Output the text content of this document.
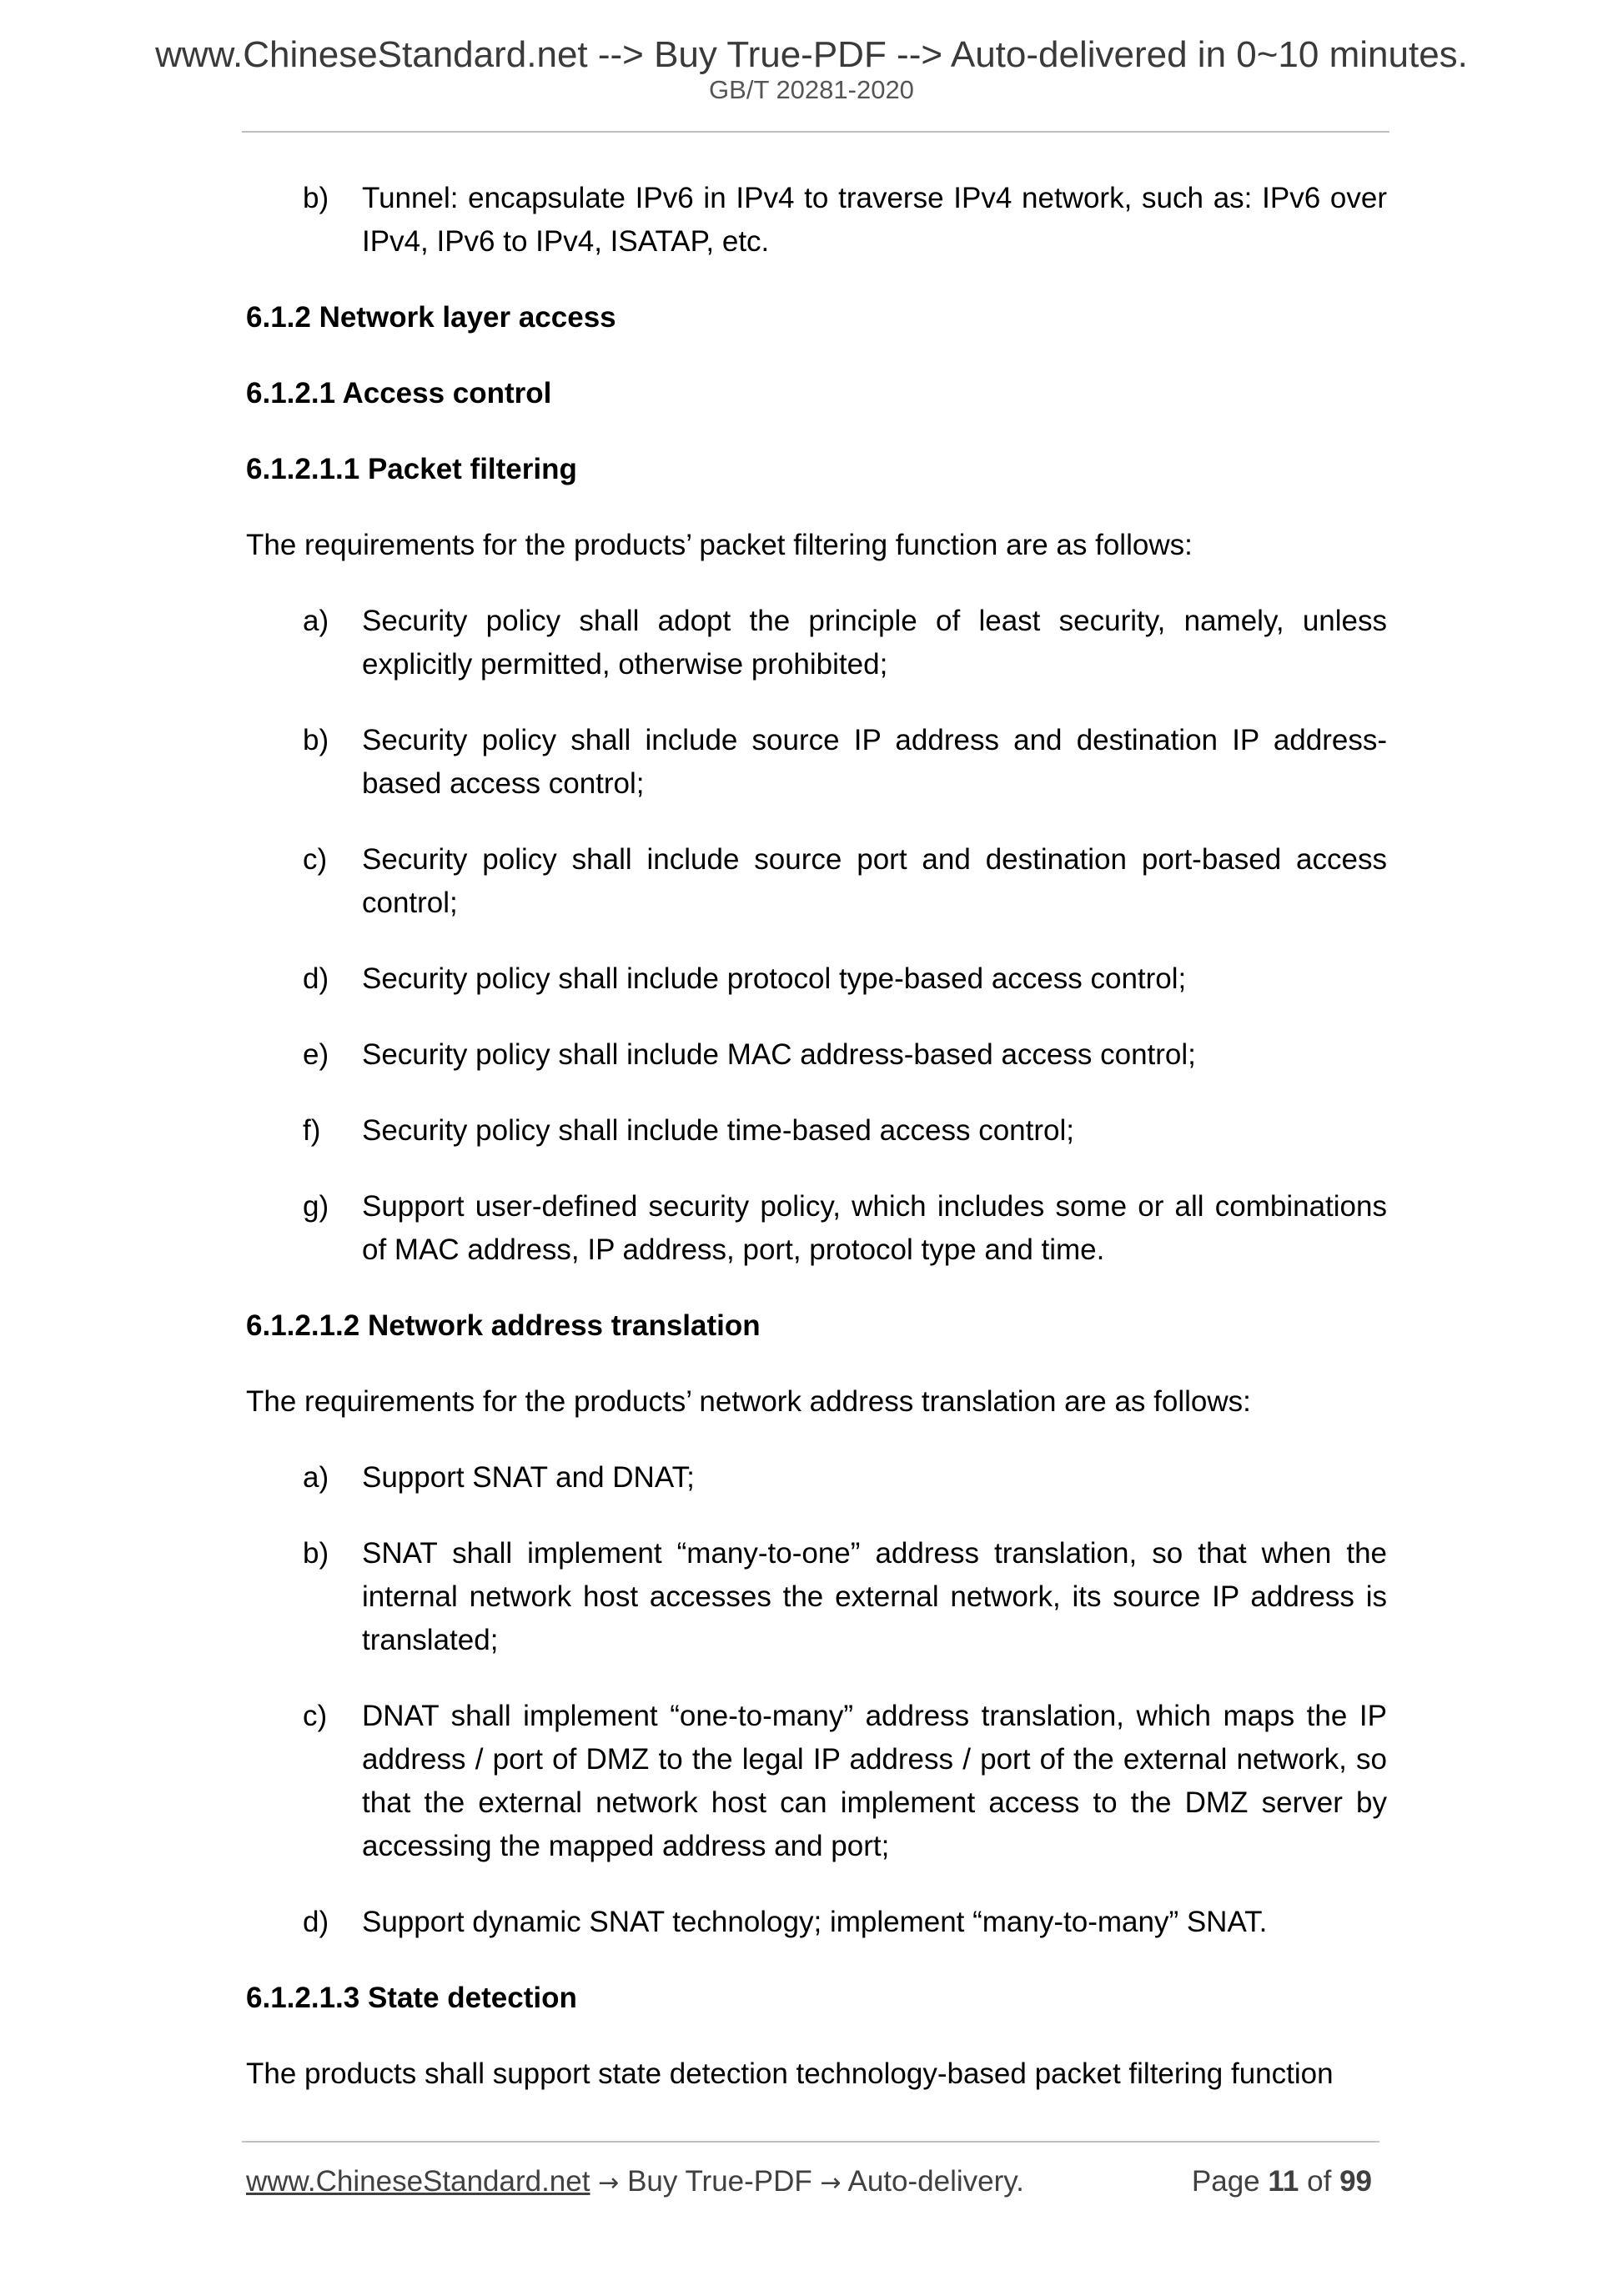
www.ChineseStandard.net --> Buy True-PDF --> Auto-delivered in 0~10 minutes.
GB/T 20281-2020
b)	Tunnel: encapsulate IPv6 in IPv4 to traverse IPv4 network, such as: IPv6 over IPv4, IPv6 to IPv4, ISATAP, etc.
6.1.2 Network layer access
6.1.2.1 Access control
6.1.2.1.1 Packet filtering
The requirements for the products’ packet filtering function are as follows:
a)	Security policy shall adopt the principle of least security, namely, unless explicitly permitted, otherwise prohibited;
b)	Security policy shall include source IP address and destination IP address-based access control;
c)	Security policy shall include source port and destination port-based access control;
d)	Security policy shall include protocol type-based access control;
e)	Security policy shall include MAC address-based access control;
f)	Security policy shall include time-based access control;
g)	Support user-defined security policy, which includes some or all combinations of MAC address, IP address, port, protocol type and time.
6.1.2.1.2 Network address translation
The requirements for the products’ network address translation are as follows:
a)	Support SNAT and DNAT;
b)	SNAT shall implement “many-to-one” address translation, so that when the internal network host accesses the external network, its source IP address is translated;
c)	DNAT shall implement “one-to-many” address translation, which maps the IP address / port of DMZ to the legal IP address / port of the external network, so that the external network host can implement access to the DMZ server by accessing the mapped address and port;
d)	Support dynamic SNAT technology; implement “many-to-many” SNAT.
6.1.2.1.3 State detection
The products shall support state detection technology-based packet filtering function
www.ChineseStandard.net → Buy True-PDF → Auto-delivery.	Page 11 of 99
